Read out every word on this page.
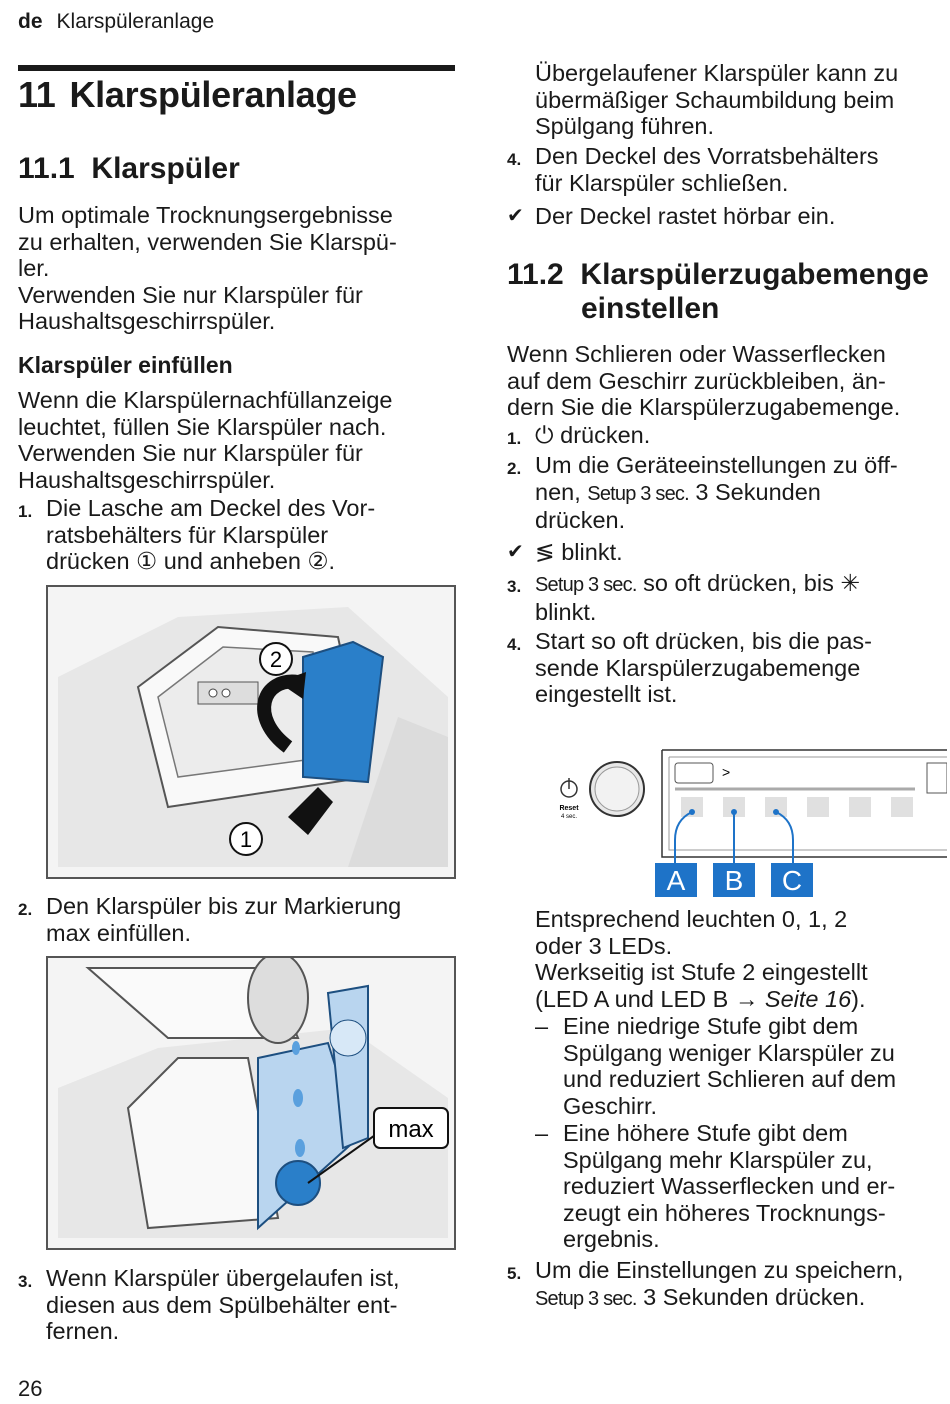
de Klarspüleranlage
11 Klarspüleranlage
11.1 Klarspüler
Um optimale Trocknungsergebnisse
zu erhalten, verwenden Sie Klarspü-
ler.
Verwenden Sie nur Klarspüler für
Haushaltsgeschirrspüler.
Klarspüler einfüllen
Wenn die Klarspülernachfüllanzeige
leuchtet, füllen Sie Klarspüler nach.
Verwenden Sie nur Klarspüler für
Haushaltsgeschirrspüler.
1. Die Lasche am Deckel des Vor-
ratsbehälters für Klarspüler
drücken ① und anheben ②.
2
1
2. Den Klarspüler bis zur Markierung
max einfüllen.
max
3. Wenn Klarspüler übergelaufen ist,
diesen aus dem Spülbehälter ent-
fernen.
26
Übergelaufener Klarspüler kann zu
übermäßiger Schaumbildung beim
Spülgang führen.
4. Den Deckel des Vorratsbehälters
für Klarspüler schließen.
✔ Der Deckel rastet hörbar ein.
11.2 Klarspülerzugabemenge
einstellen
Wenn Schlieren oder Wasserflecken
auf dem Geschirr zurückbleiben, än-
dern Sie die Klarspülerzugabemenge.
1. ⏻ drücken.
2. Um die Geräteeinstellungen zu öff-
nen, Setup 3 sec. 3 Sekunden
drücken.
✔ ≶ blinkt.
3. Setup 3 sec. so oft drücken, bis ✳
blinkt.
4. Start so oft drücken, bis die pas-
sende Klarspülerzugabemenge
eingestellt ist.
Reset
4 sec.
>
A B C
Entsprechend leuchten 0, 1, 2
oder 3 LEDs.
Werkseitig ist Stufe 2 eingestellt
(LED A und LED B → Seite 16).
– Eine niedrige Stufe gibt dem
Spülgang weniger Klarspüler zu
und reduziert Schlieren auf dem
Geschirr.
– Eine höhere Stufe gibt dem
Spülgang mehr Klarspüler zu,
reduziert Wasserflecken und er-
zeugt ein höheres Trocknungs-
ergebnis.
5. Um die Einstellungen zu speichern,
Setup 3 sec. 3 Sekunden drücken.
